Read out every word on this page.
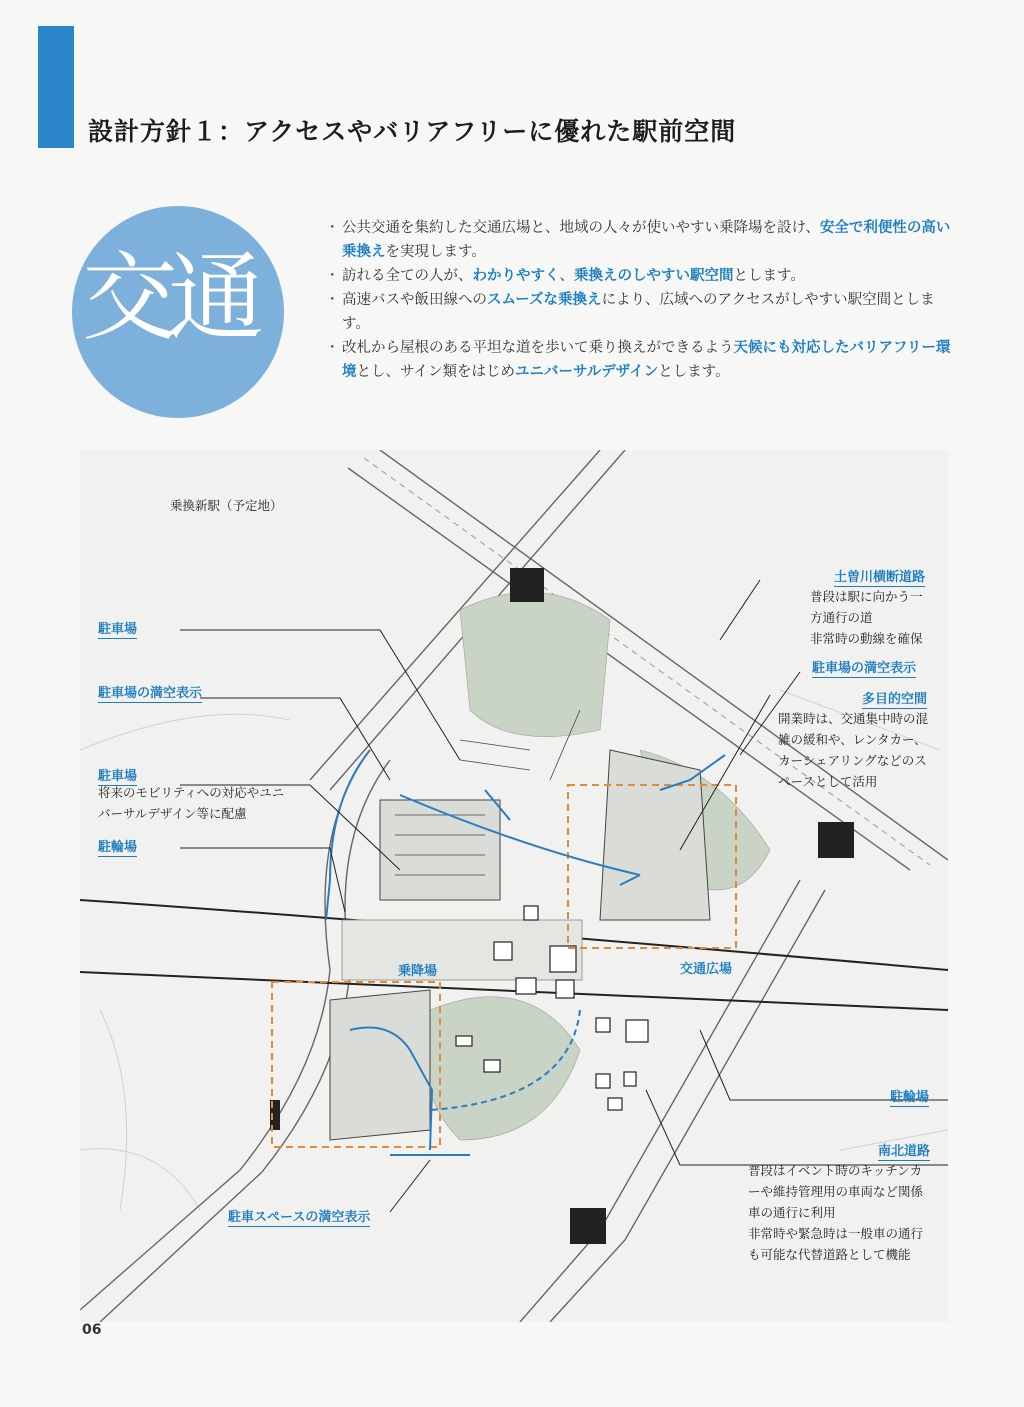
設計方針１：アクセスやバリアフリーに優れた駅前空間
交通
・ 公共交通を集約した交通広場と、地域の人々が使いやすい乗降場を設け、安全で利便性の高い乗換えを実現します。
・ 訪れる全ての人が、わかりやすく、乗換えのしやすい駅空間とします。
・ 高速バスや飯田線へのスムーズな乗換えにより、広域へのアクセスがしやすい駅空間とします。
・ 改札から屋根のある平坦な道を歩いて乗り換えができるよう天候にも対応したバリアフリー環境とし、サイン類をはじめユニバーサルデザインとします。
乗換新駅（予定地）
駐車場
駐車場の満空表示
駐車場

将来のモビリティへの対応やユニ
バーサルデザイン等に配慮

駐輪場
乗降場	交通広場
土曽川横断道路

普段は駅に向かう一
方通行の道
非常時の動線を確保

駐車場の満空表示
多目的空間

開業時は、交通集中時の混
雑の緩和や、レンタカー、
カーシェアリングなどのス
ペースとして活用

駐輪場
南北道路

普段はイベント時のキッチンカ
ーや維持管理用の車両など関係
車の通行に利用
非常時や緊急時は一般車の通行
も可能な代替道路として機能

駐車スペースの満空表示
06
